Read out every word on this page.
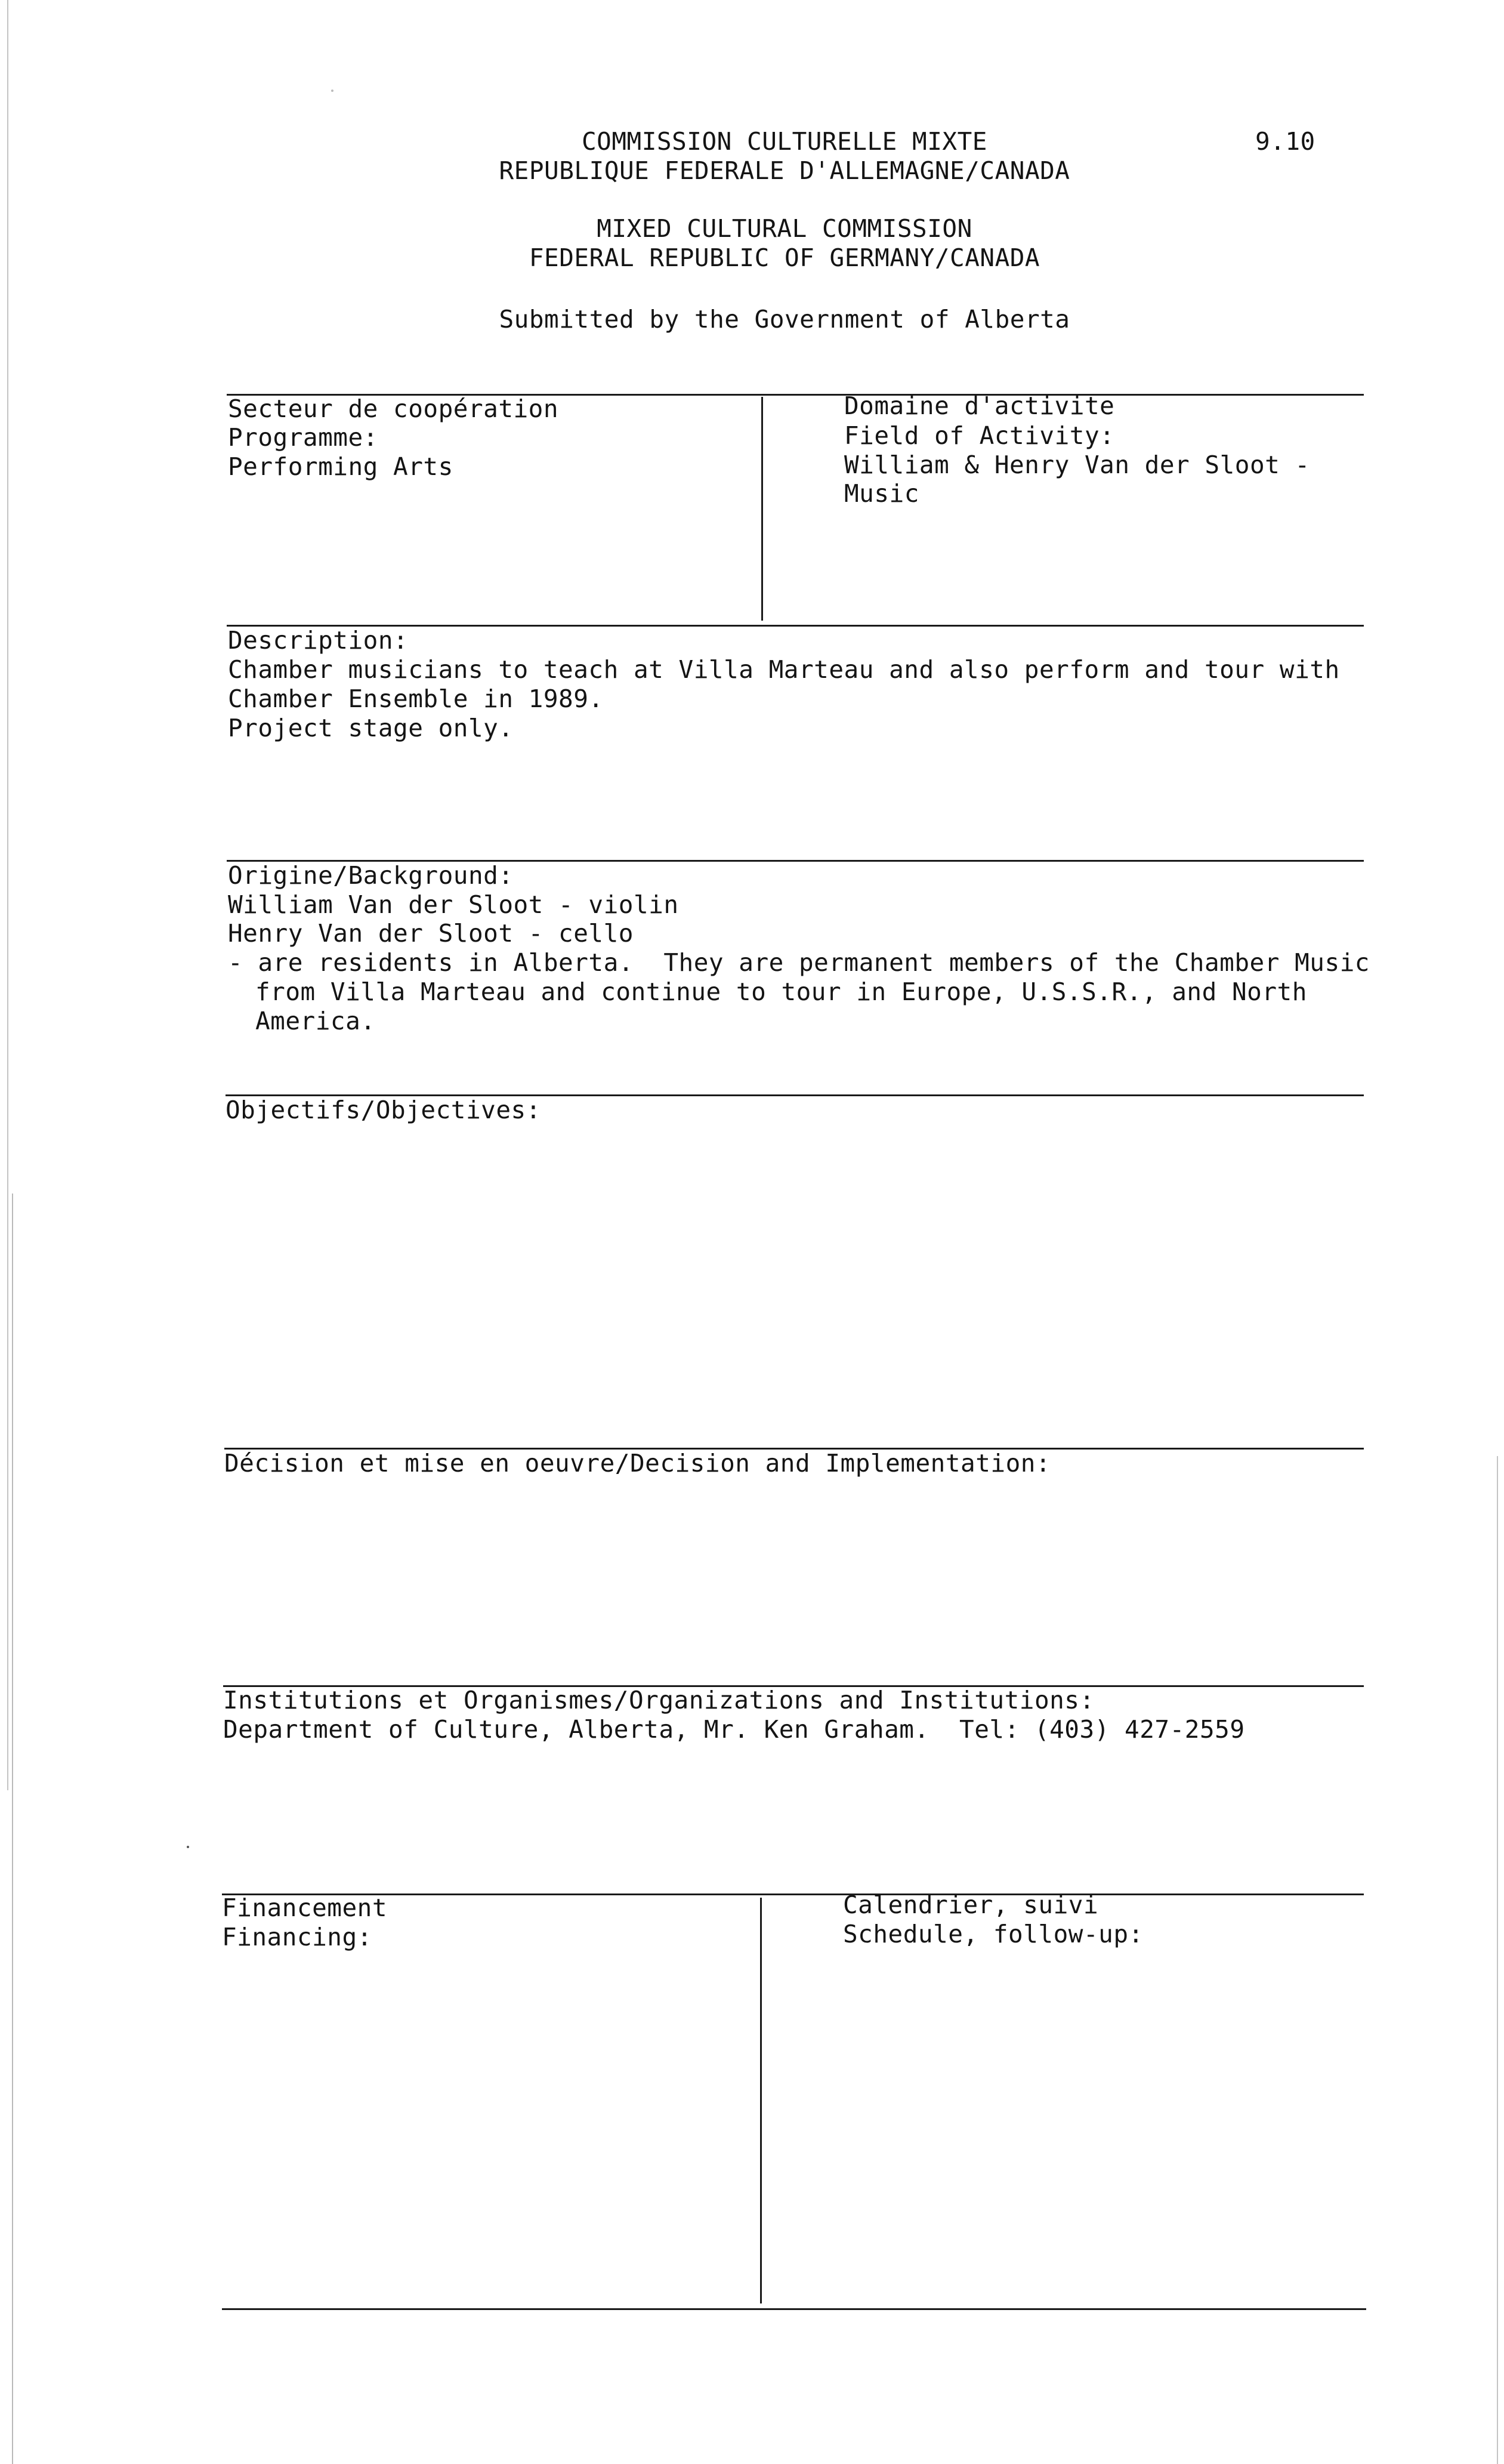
COMMISSION CULTURELLE MIXTE	9.10
REPUBLIQUE FEDERALE D'ALLEMAGNE/CANADA
MIXED CULTURAL COMMISSION
FEDERAL REPUBLIC OF GERMANY/CANADA
Submitted by the Government of Alberta
Secteur de coopération
Programme:
Performing Arts
Domaine d'activite
Field of Activity:
William & Henry Van der Sloot -
Music
Description:
Chamber musicians to teach at Villa Marteau and also perform and tour with
Chamber Ensemble in 1989.
Project stage only.
Origine/Background:
William Van der Sloot - violin
Henry Van der Sloot - cello
- are residents in Alberta.  They are permanent members of the Chamber Music
from Villa Marteau and continue to tour in Europe, U.S.S.R., and North
America.
Objectifs/Objectives:
Décision et mise en oeuvre/Decision and Implementation:
Institutions et Organismes/Organizations and Institutions:
Department of Culture, Alberta, Mr. Ken Graham.  Tel: (403) 427-2559
Financement
Financing:
Calendrier, suivi
Schedule, follow-up:
